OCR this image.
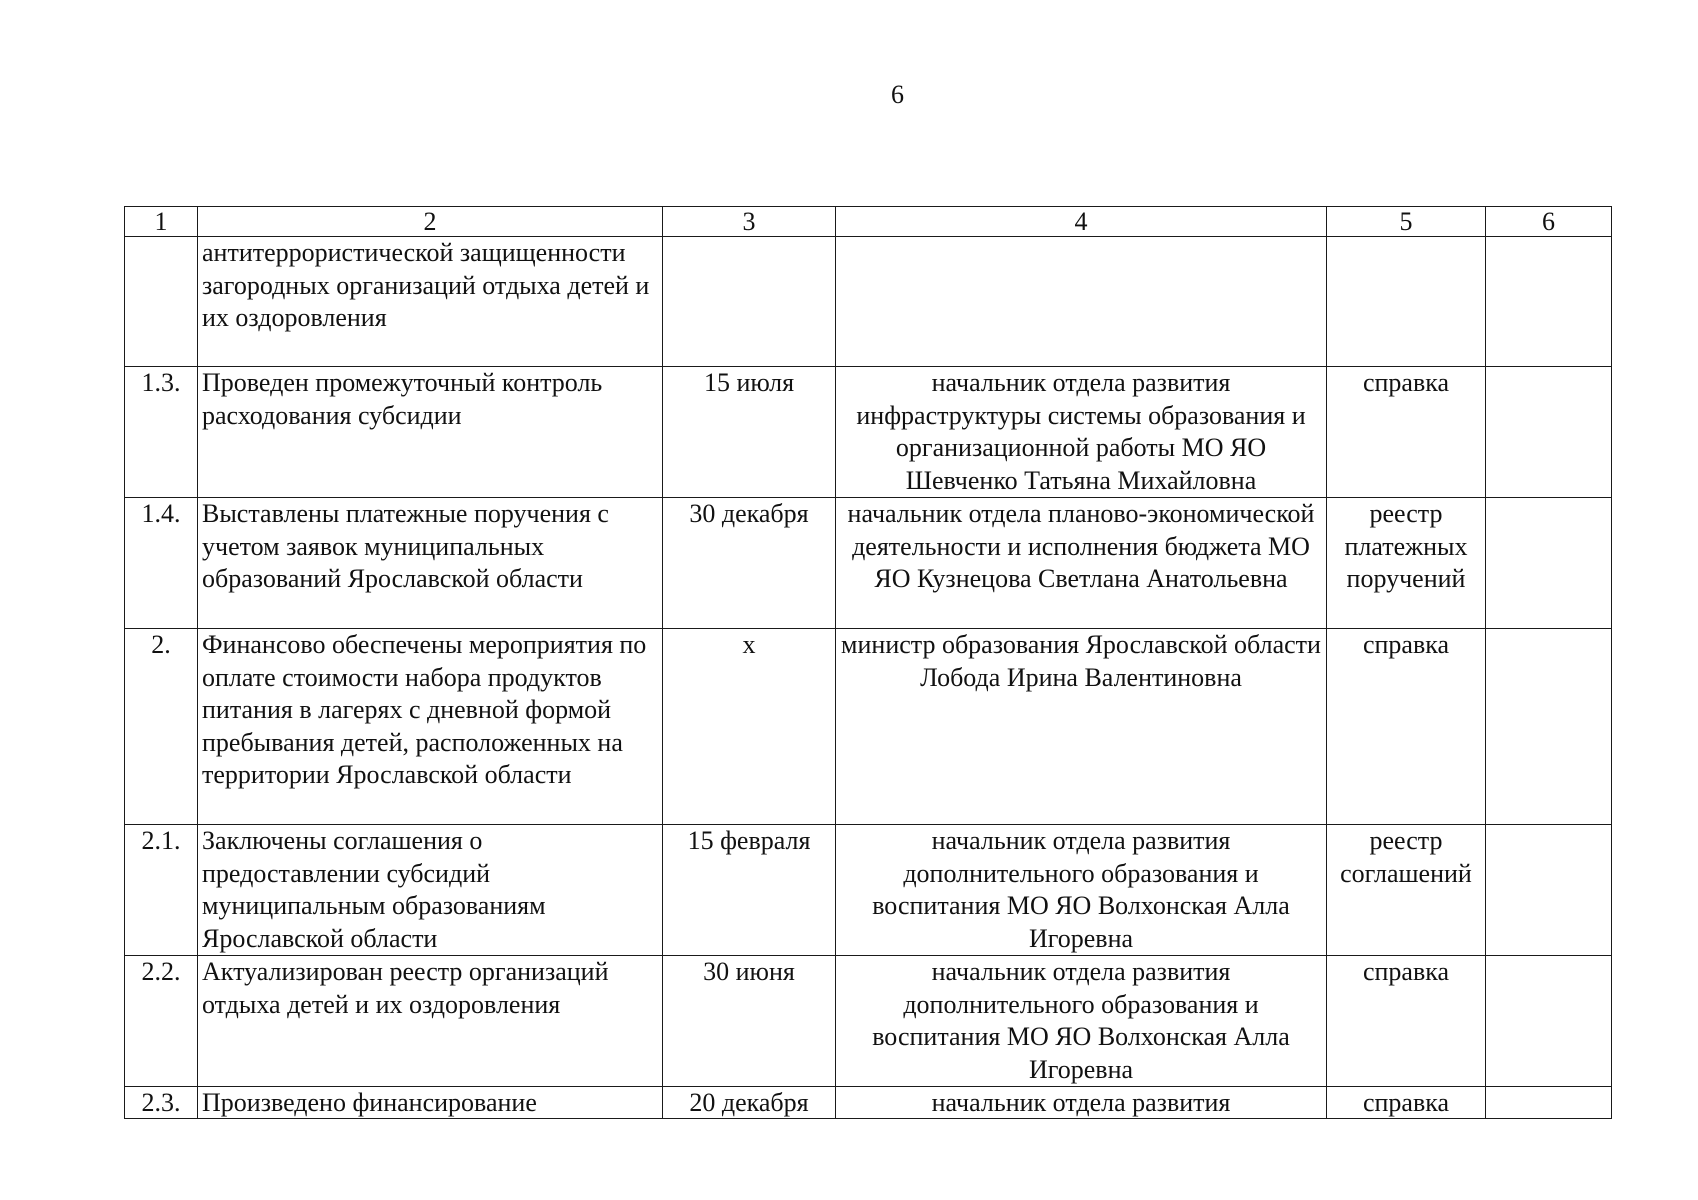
6
1	2	3	4	5	6
	антитеррористической защищенности загородных организаций отдыха детей и их оздоровления				
1.3.	Проведен промежуточный контроль расходования субсидии	15 июля	начальник отдела развития инфраструктуры системы образования и организационной работы МО ЯО Шевченко Татьяна Михайловна	справка	
1.4.	Выставлены платежные поручения с учетом заявок муниципальных образований Ярославской области	30 декабря	начальник отдела планово-экономической деятельности и исполнения бюджета МО ЯО Кузнецова Светлана Анатольевна	реестр платежных поручений	
2.	Финансово обеспечены мероприятия по оплате стоимости набора продуктов питания в лагерях с дневной формой пребывания детей, расположенных на территории Ярославской области	х	министр образования Ярославской области Лобода Ирина Валентиновна	справка	
2.1.	Заключены соглашения о предоставлении субсидий муниципальным образованиям Ярославской области	15 февраля	начальник отдела развития дополнительного образования и воспитания МО ЯО Волхонская Алла Игоревна	реестр соглашений	
2.2.	Актуализирован реестр организаций отдыха детей и их оздоровления	30 июня	начальник отдела развития дополнительного образования и воспитания МО ЯО Волхонская Алла Игоревна	справка	

2.3.	Произведено финансирование	20 декабря	начальник отдела развития	справка	
